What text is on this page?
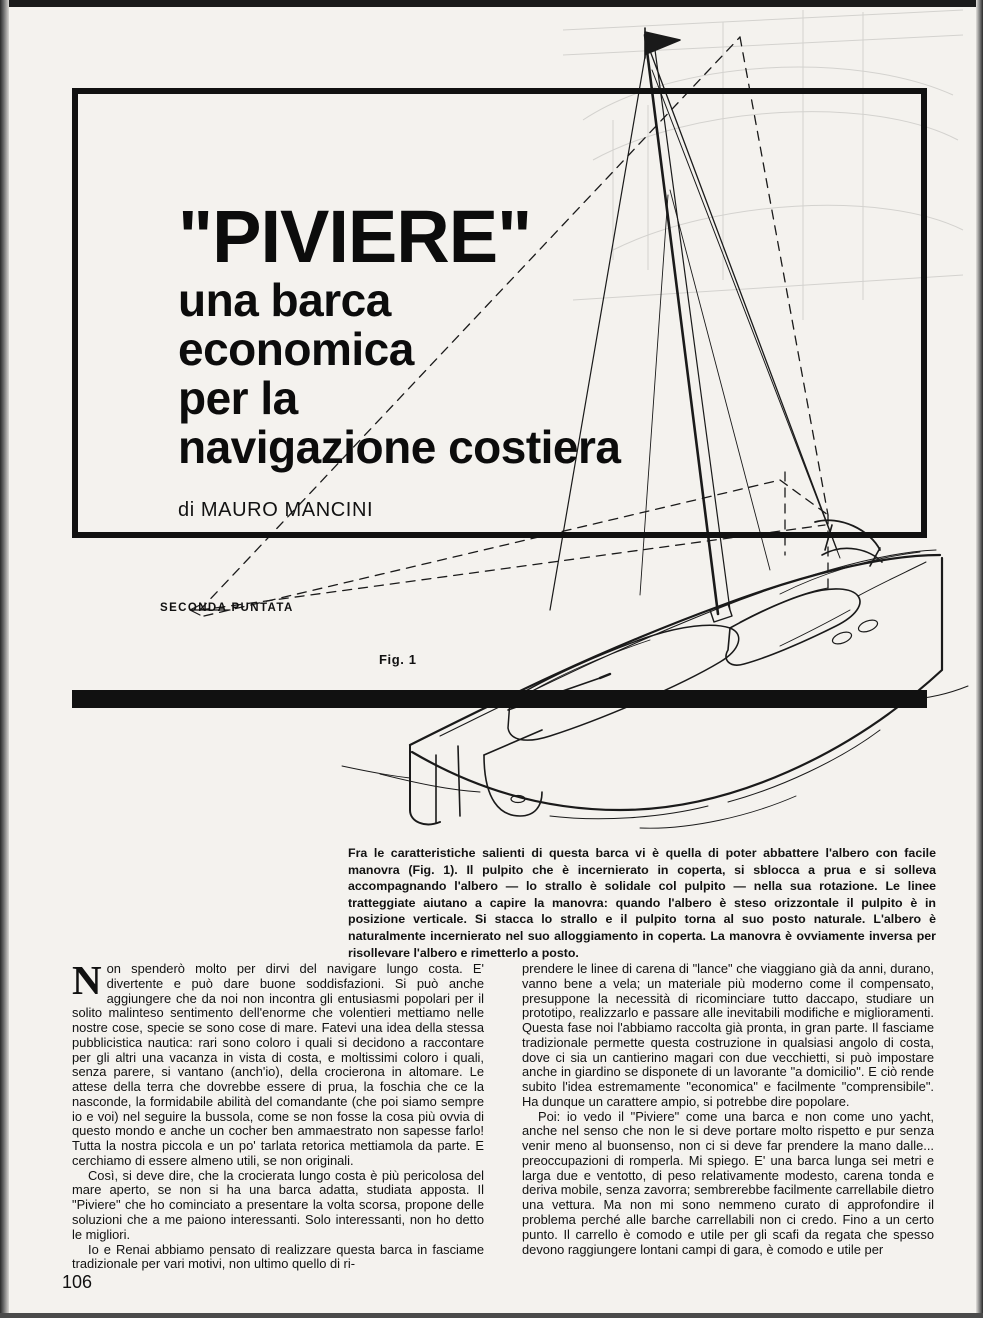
"PIVIERE"
una barca
economica
per la
navigazione costiera
di MAURO MANCINI
SECONDA PUNTATA
Fig. 1
Fra le caratteristiche salienti di questa barca vi è quella di poter abbattere l'albero con facile manovra (Fig. 1). Il pulpito che è incernierato in coperta, si sblocca a prua e si solleva accompagnando l'albero — lo strallo è solidale col pulpito — nella sua rotazione. Le linee tratteggiate aiutano a capire la manovra: quando l'albero è steso orizzontale il pulpito è in posizione verticale. Si stacca lo strallo e il pulpito torna al suo posto naturale. L'albero è naturalmente incernierato nel suo alloggiamento in coperta. La manovra è ovviamente inversa per risollevare l'albero e rimetterlo a posto.

Non spenderò molto per dirvi del navigare lungo costa. E' divertente e può dare buone soddisfazioni. Si può anche aggiungere che da noi non incontra gli entusiasmi popolari per il solito malinteso sentimento dell'enorme che volentieri mettiamo nelle nostre cose, specie se sono cose di mare. Fatevi una idea della stessa pubblicistica nautica: rari sono coloro i quali si decidono a raccontare per gli altri una vacanza in vista di costa, e moltissimi coloro i quali, senza parere, si vantano (anch'io), della crocierona in altomare. Le attese della terra che dovrebbe essere di prua, la foschia che ce la nasconde, la formidabile abilità del comandante (che poi siamo sempre io e voi) nel seguire la bussola, come se non fosse la cosa più ovvia di questo mondo e anche un cocher ben ammaestrato non sapesse farlo! Tutta la nostra piccola e un po' tarlata retorica mettiamola da parte. E cerchiamo di essere almeno utili, se non originali.

Così, si deve dire, che la crocierata lungo costa è più pericolosa del mare aperto, se non si ha una barca adatta, studiata apposta. Il "Piviere" che ho cominciato a presentare la volta scorsa, propone delle soluzioni che a me paiono interessanti. Solo interessanti, non ho detto le migliori.

Io e Renai abbiamo pensato di realizzare questa barca in fasciame tradizionale per vari motivi, non ultimo quello di ri-

prendere le linee di carena di "lance" che viaggiano già da anni, durano, vanno bene a vela; un materiale più moderno come il compensato, presuppone la necessità di ricominciare tutto daccapo, studiare un prototipo, realizzarlo e passare alle inevitabili modifiche e miglioramenti. Questa fase noi l'abbiamo raccolta già pronta, in gran parte. Il fasciame tradizionale permette questa costruzione in qualsiasi angolo di costa, dove ci sia un cantierino magari con due vecchietti, si può impostare anche in giardino se disponete di un lavorante "a domicilio". E ciò rende subito l'idea estremamente "economica" e facilmente "comprensibile". Ha dunque un carattere ampio, si potrebbe dire popolare.

Poi: io vedo il "Piviere" come una barca e non come uno yacht, anche nel senso che non le si deve portare molto rispetto e pur senza venir meno al buonsenso, non ci si deve far prendere la mano dalle... preoccupazioni di romperla. Mi spiego. E' una barca lunga sei metri e larga due e ventotto, di peso relativamente modesto, carena tonda e deriva mobile, senza zavorra; sembrerebbe facilmente carrellabile dietro una vettura. Ma non mi sono nemmeno curato di approfondire il problema perché alle barche carrellabili non ci credo. Fino a un certo punto. Il carrello è comodo e utile per gli scafi da regata che spesso devono raggiungere lontani campi di gara, è comodo e utile per

106
